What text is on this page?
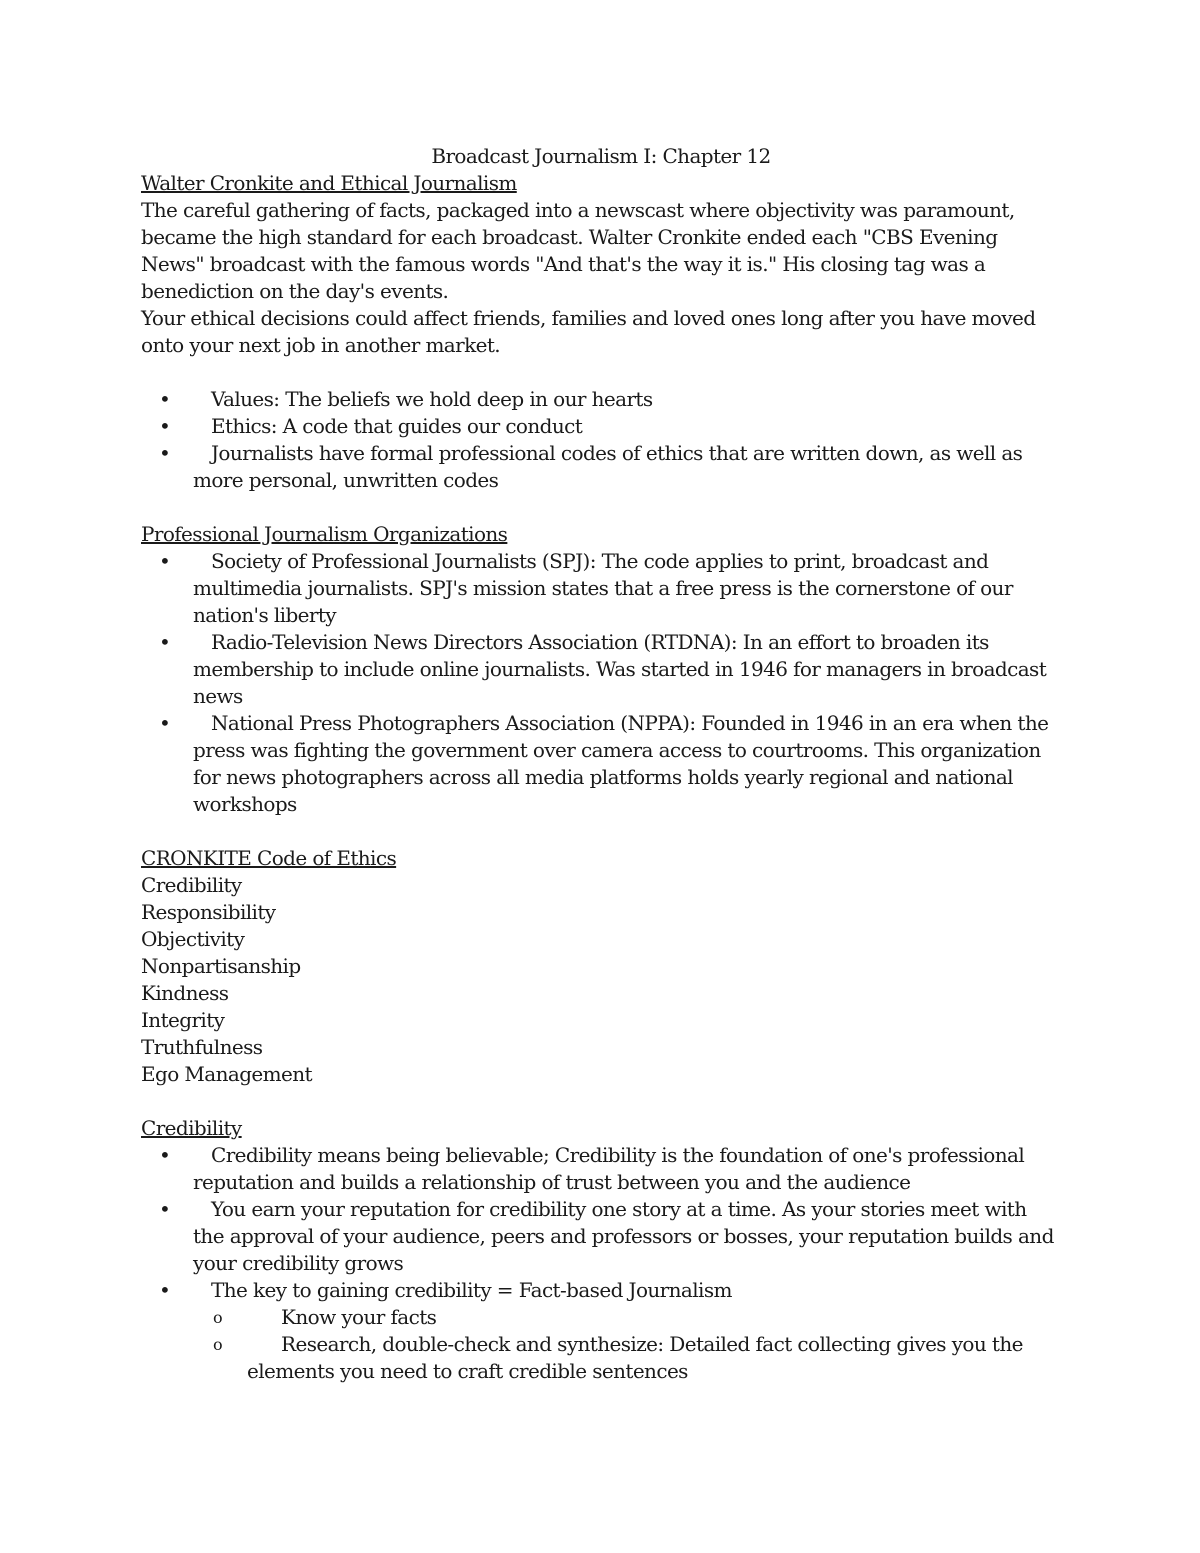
Broadcast Journalism I: Chapter 12

Walter Cronkite and Ethical Journalism

The careful gathering of facts, packaged into a newscast where objectivity was paramount, became the high standard for each broadcast. Walter Cronkite ended each "CBS Evening News" broadcast with the famous words "And that's the way it is." His closing tag was a benediction on the day's events.

Your ethical decisions could affect friends, families and loved ones long after you have moved onto your next job in another market.

•	Values: The beliefs we hold deep in our hearts
•	Ethics: A code that guides our conduct
•	Journalists have formal professional codes of ethics that are written down, as well as more personal, unwritten codes

Professional Journalism Organizations

•	Society of Professional Journalists (SPJ): The code applies to print, broadcast and multimedia journalists. SPJ's mission states that a free press is the cornerstone of our nation's liberty
•	Radio-Television News Directors Association (RTDNA): In an effort to broaden its membership to include online journalists. Was started in 1946 for managers in broadcast news
•	National Press Photographers Association (NPPA): Founded in 1946 in an era when the press was fighting the government over camera access to courtrooms. This organization for news photographers across all media platforms holds yearly regional and national workshops

CRONKITE Code of Ethics

Credibility

Responsibility

Objectivity

Nonpartisanship

Kindness

Integrity

Truthfulness

Ego Management

Credibility

•	Credibility means being believable; Credibility is the foundation of one's professional reputation and builds a relationship of trust between you and the audience
•	You earn your reputation for credibility one story at a time. As your stories meet with the approval of your audience, peers and professors or bosses, your reputation builds and your credibility grows
•	The key to gaining credibility = Fact-based Journalism
o	Know your facts
o	Research, double-check and synthesize: Detailed fact collecting gives you the elements you need to craft credible sentences
